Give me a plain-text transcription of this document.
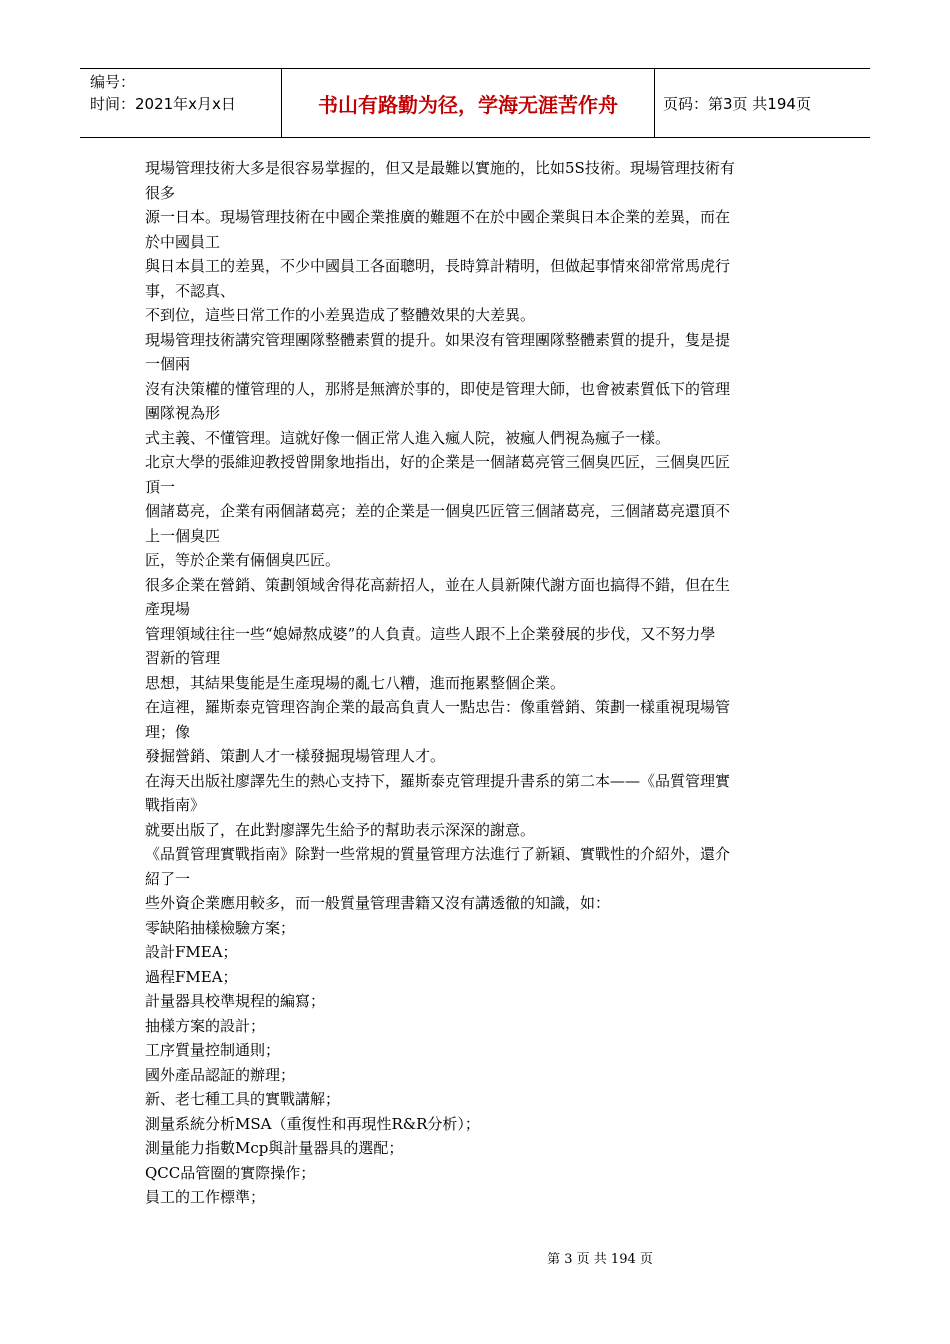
编号：
时间：2021年x月x日	书山有路勤为径，学海无涯苦作舟	页码：第3页 共194页

現場管理技術大多是很容易掌握的，但又是最難以實施的，比如5S技術。現場管理技術有

很多

源一日本。現場管理技術在中國企業推廣的難題不在於中國企業與日本企業的差異，而在

於中國員工

與日本員工的差異，不少中國員工各面聰明，長時算計精明，但做起事情來卻常常馬虎行

事，不認真、

不到位，這些日常工作的小差異造成了整體效果的大差異。

現場管理技術講究管理團隊整體素質的提升。如果沒有管理團隊整體素質的提升，隻是提

一個兩

沒有決策權的懂管理的人，那將是無濟於事的，即使是管理大師，也會被素質低下的管理

團隊視為形

式主義、不懂管理。這就好像一個正常人進入瘋人院，被瘋人們視為瘋子一樣。

北京大學的張維迎教授曾開象地指出，好的企業是一個諸葛亮管三個臭匹匠，三個臭匹匠

頂一

個諸葛亮，企業有兩個諸葛亮；差的企業是一個臭匹匠管三個諸葛亮，三個諸葛亮還頂不

上一個臭匹

匠，等於企業有倆個臭匹匠。

很多企業在營銷、策劃領域舍得花高薪招人，並在人員新陳代謝方面也搞得不錯，但在生

產現場

管理領域往往一些“媳婦熬成婆”的人負責。這些人跟不上企業發展的步伐，又不努力學

習新的管理

思想，其結果隻能是生產現場的亂七八糟，進而拖累整個企業。

在這裡，羅斯泰克管理咨詢企業的最高負責人一點忠告：像重營銷、策劃一樣重視現場管

理；像

發掘營銷、策劃人才一樣發掘現場管理人才。

在海天出版社廖譯先生的熱心支持下，羅斯泰克管理提升書系的第二本——《品質管理實

戰指南》

就要出版了，在此對廖譯先生給予的幫助表示深深的謝意。

《品質管理實戰指南》除對一些常規的質量管理方法進行了新穎、實戰性的介紹外，還介

紹了一

些外資企業應用較多，而一般質量管理書籍又沒有講透徹的知識，如：

零缺陷抽樣檢驗方案；

設計FMEA；

過程FMEA；

計量器具校準規程的編寫；

抽樣方案的設計；

工序質量控制通則；

國外產品認証的辦理；

新、老七種工具的實戰講解；

測量系統分析MSA（重復性和再現性R&R分析）；

測量能力指數Mcp與計量器具的選配；

QCC品管圈的實際操作；

員工的工作標準；

第 3 页 共 194 页
